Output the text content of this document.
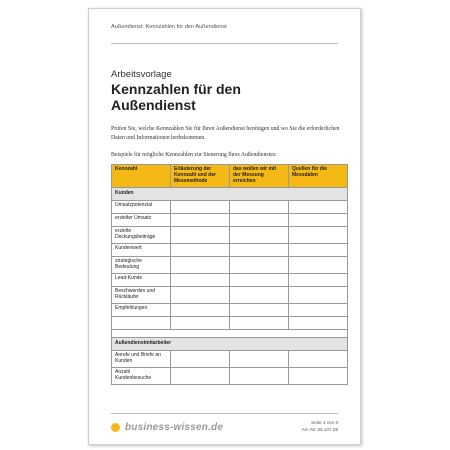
Außendienst: Kennzahlen für den Außendienst
Arbeitsvorlage
Kennzahlen für den
Außendienst
Prüfen Sie, welche Kennzahlen Sie für Ihren Außendienst benötigen und wo Sie die erforderlichen Daten und Informationen herbekommen.
Beispiele für mögliche Kennzahlen zur Steuerung Ihres Außendienstes:
Kennzahl	Erläuterung der Kennzahl und der Messmethode	das wollen wir mit der Messung erreichen	Quellen für die Messdaten
Kunden			
Umsatzpotenzial			
erzielter Umsatz			
erzielte Deckungsbeiträge			
Kundenwert			
strategische Bedeutung			
Lead-Kunde			
Beschwerden und Rückläufer			
Empfehlungen			

Außendienstmitarbeiter			
Anrufe und Briefe an Kunden			
Anzahl Kundenbesuche			
business-wissen.de	Seite 1 von 3
Art.-Nr. 06.107.08
